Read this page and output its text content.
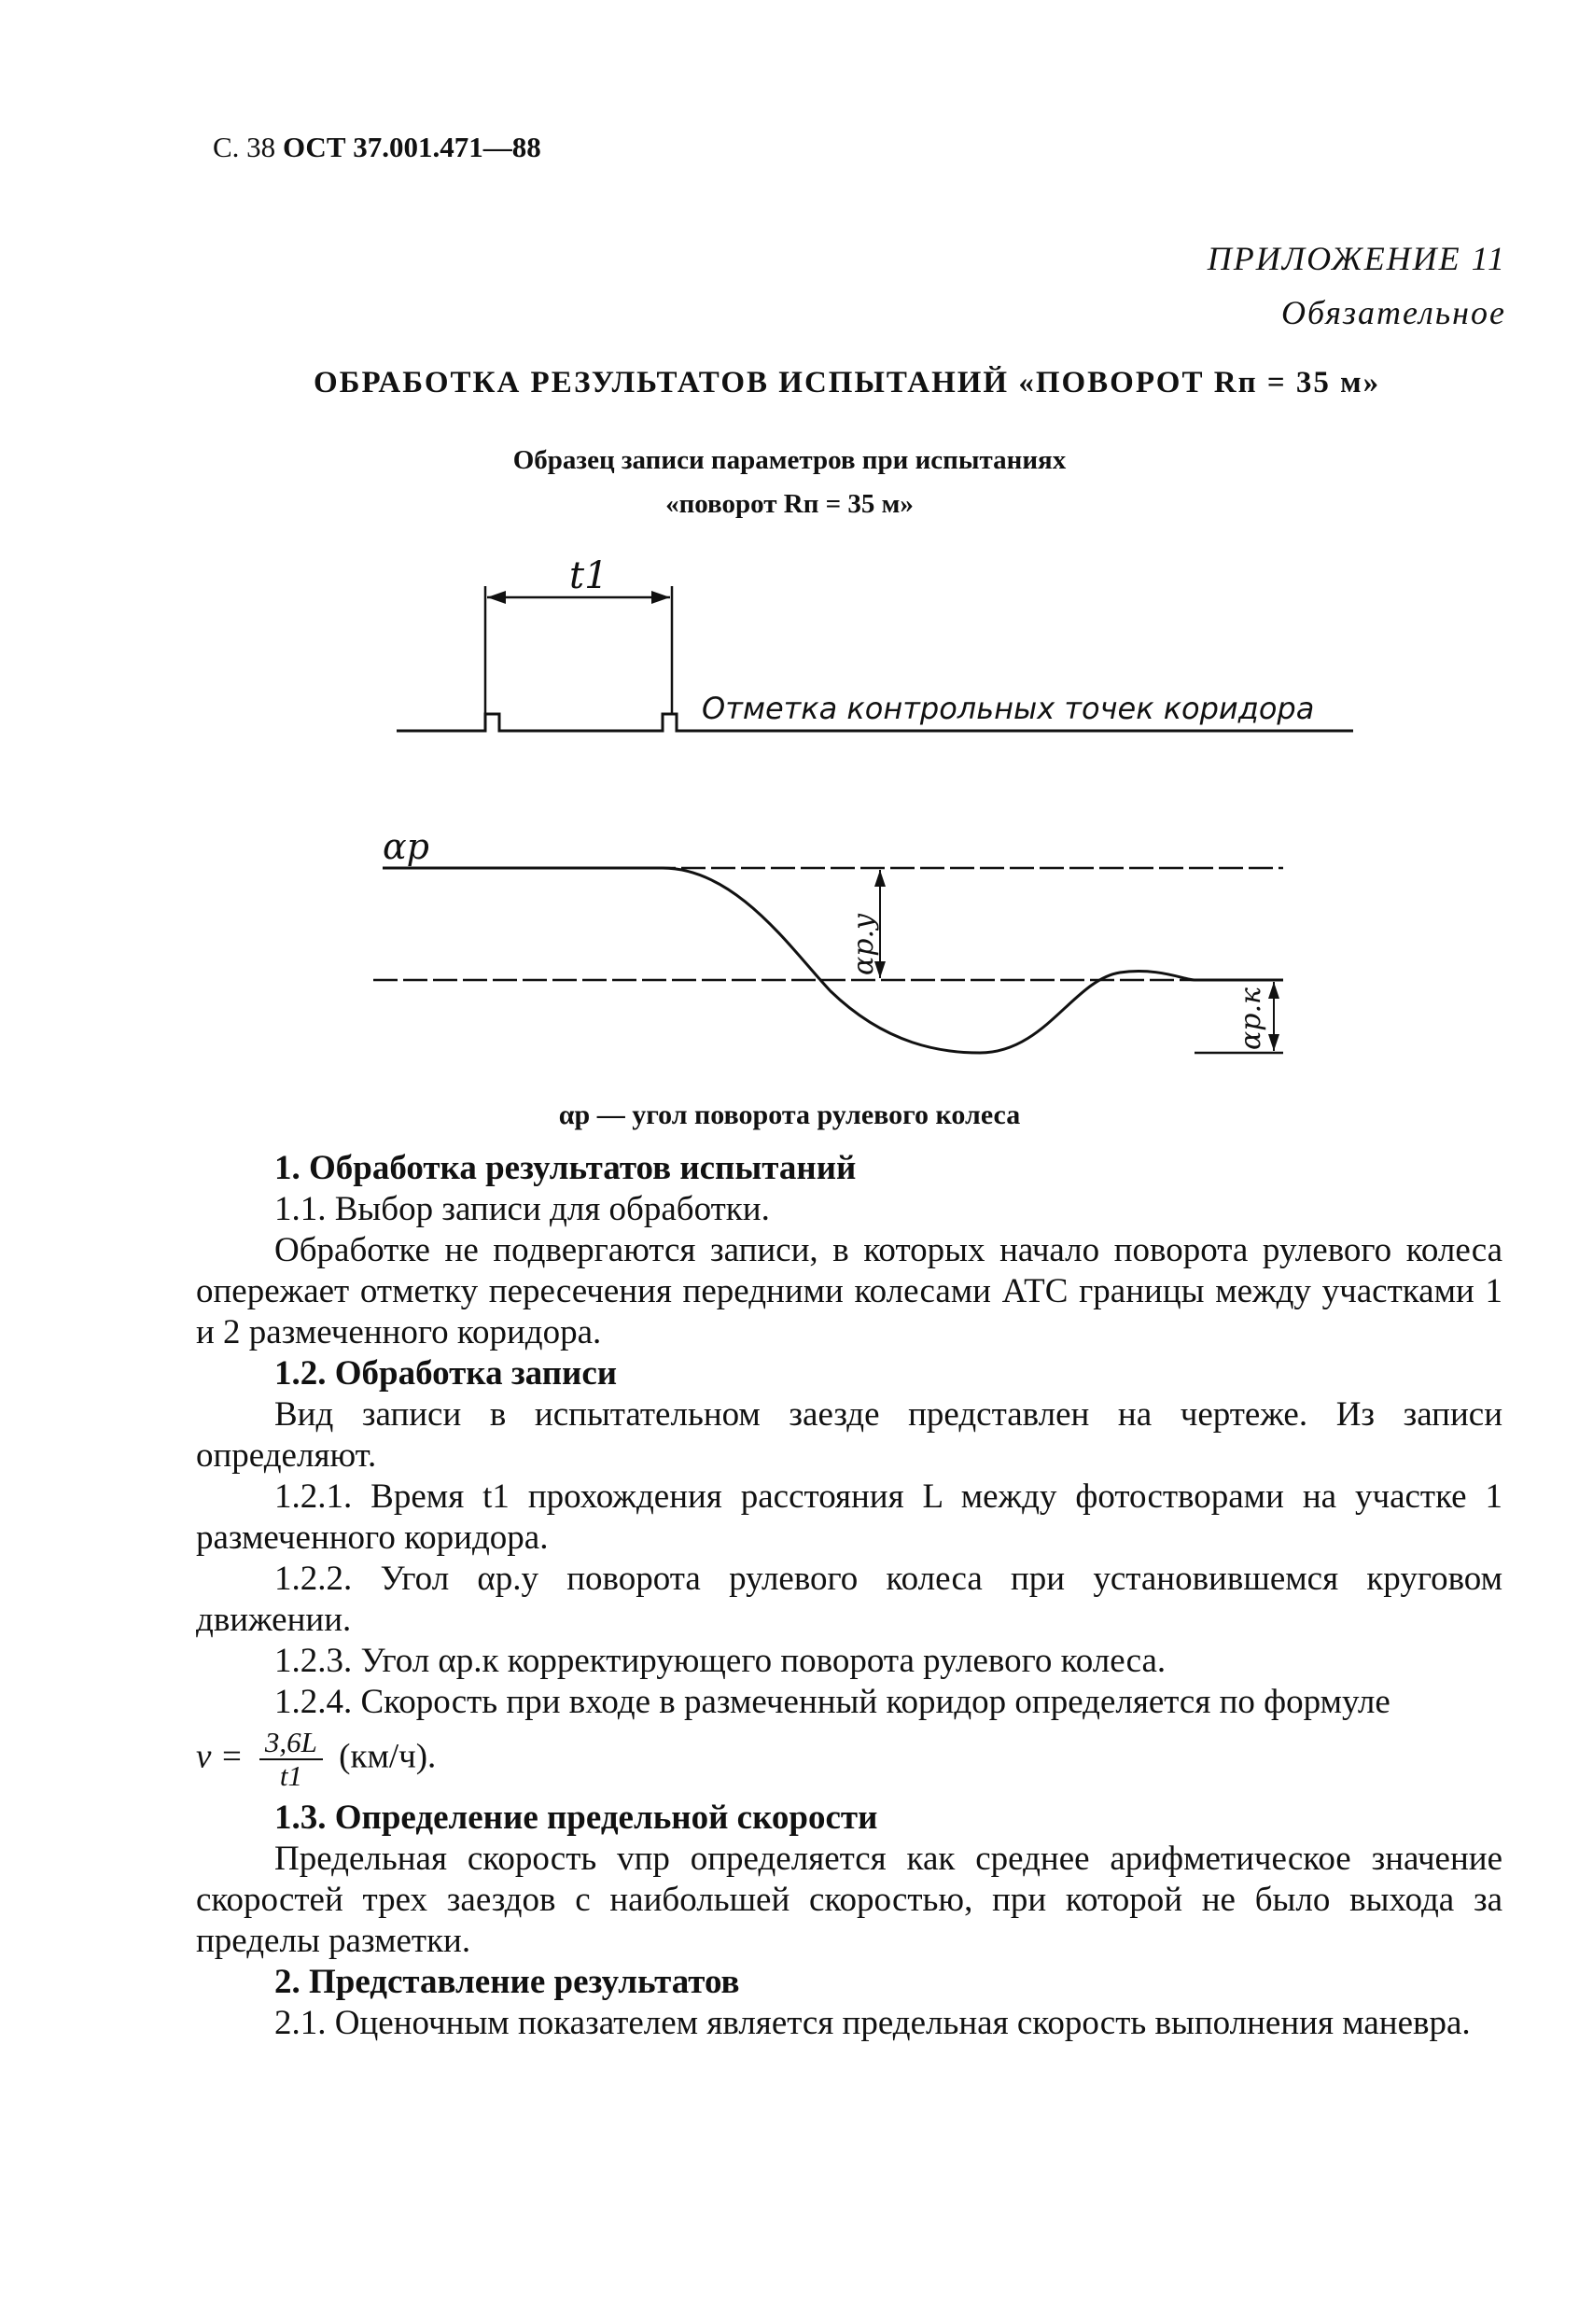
С. 38 ОСТ 37.001.471—88
ПРИЛОЖЕНИЕ 11
Обязательное
ОБРАБОТКА РЕЗУЛЬТАТОВ ИСПЫТАНИЙ «ПОВОРОТ Rп = 35 м»
Образец записи параметров при испытаниях
«поворот Rп = 35 м»
t1
Отметка контрольных точек коридора
αр
αр.у
αр.к
αр — угол поворота рулевого колеса

1. Обработка результатов испытаний

1.1. Выбор записи для обработки.

Обработке не подвергаются записи, в которых начало поворота рулевого колеса опережает отметку пересечения передними колесами АТС границы между участками 1 и 2 размеченного коридора.

1.2. Обработка записи

Вид записи в испытательном заезде представлен на чертеже. Из записи определяют.

1.2.1. Время t1 прохождения расстояния L между фотостворами на участке 1 размеченного коридора.

1.2.2. Угол αр.у поворота рулевого колеса при установившемся круговом движении.

1.2.3. Угол αр.к корректирующего поворота рулевого колеса.

1.2.4. Скорость при входе в размеченный коридор определяется по формуле

$v = \frac{3,6L}{t1} (км/ч)$.

1.3. Определение предельной скорости

Предельная скорость vпр определяется как среднее арифметическое значение скоростей трех заездов с наибольшей скоростью, при которой не было выхода за пределы разметки.

2. Представление результатов

2.1. Оценочным показателем является предельная скорость выполнения маневра.
